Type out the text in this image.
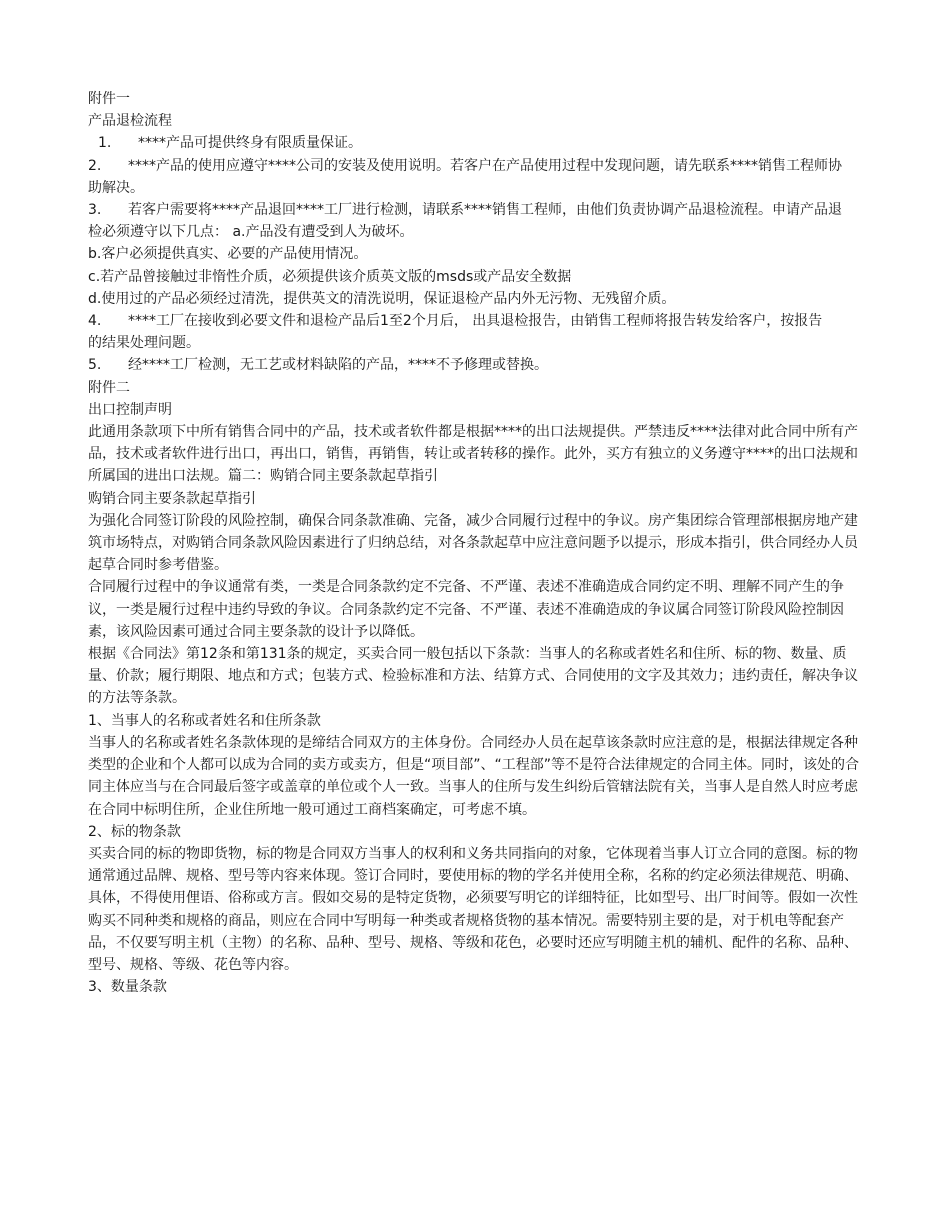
附件一
产品退检流程
1.	****产品可提供终身有限质量保证。
2.	****产品的使用应遵守****公司的安装及使用说明。若客户在产品使用过程中发现问题，请先联系****销售工程师协
助解决。
3.	若客户需要将****产品退回****工厂进行检测，请联系****销售工程师，由他们负责协调产品退检流程。申请产品退
检必须遵守以下几点： a.产品没有遭受到人为破坏。
b.客户必须提供真实、必要的产品使用情况。
c.若产品曾接触过非惰性介质，必须提供该介质英文版的msds或产品安全数据
d.使用过的产品必须经过清洗，提供英文的清洗说明，保证退检产品内外无污物、无残留介质。
4.	****工厂在接收到必要文件和退检产品后1至2个月后， 出具退检报告，由销售工程师将报告转发给客户，按报告
的结果处理问题。
5.	经****工厂检测，无工艺或材料缺陷的产品，****不予修理或替换。
附件二
出口控制声明
此通用条款项下中所有销售合同中的产品，技术或者软件都是根据****的出口法规提供。严禁违反****法律对此合同中所有产品，技术或者软件进行出口，再出口，销售，再销售，转让或者转移的操作。此外，买方有独立的义务遵守****的出口法规和所属国的进出口法规。篇二：购销合同主要条款起草指引
购销合同主要条款起草指引
为强化合同签订阶段的风险控制，确保合同条款准确、完备，减少合同履行过程中的争议。房产集团综合管理部根据房地产建筑市场特点，对购销合同条款风险因素进行了归纳总结，对各条款起草中应注意问题予以提示，形成本指引，供合同经办人员起草合同时参考借鉴。
合同履行过程中的争议通常有类，一类是合同条款约定不完备、不严谨、表述不准确造成合同约定不明、理解不同产生的争议，一类是履行过程中违约导致的争议。合同条款约定不完备、不严谨、表述不准确造成的争议属合同签订阶段风险控制因素，该风险因素可通过合同主要条款的设计予以降低。
根据《合同法》第12条和第131条的规定，买卖合同一般包括以下条款：当事人的名称或者姓名和住所、标的物、数量、质量、价款；履行期限、地点和方式；包装方式、检验标准和方法、结算方式、合同使用的文字及其效力；违约责任，解决争议的方法等条款。
1、当事人的名称或者姓名和住所条款
当事人的名称或者姓名条款体现的是缔结合同双方的主体身份。合同经办人员在起草该条款时应注意的是，根据法律规定各种类型的企业和个人都可以成为合同的卖方或卖方，但是“项目部”、“工程部”等不是符合法律规定的合同主体。同时，该处的合同主体应当与在合同最后签字或盖章的单位或个人一致。当事人的住所与发生纠纷后管辖法院有关，当事人是自然人时应考虑在合同中标明住所，企业住所地一般可通过工商档案确定，可考虑不填。
2、标的物条款
买卖合同的标的物即货物，标的物是合同双方当事人的权利和义务共同指向的对象，它体现着当事人订立合同的意图。标的物通常通过品牌、规格、型号等内容来体现。签订合同时，要使用标的物的学名并使用全称，名称的约定必须法律规范、明确、具体，不得使用俚语、俗称或方言。假如交易的是特定货物，必须要写明它的详细特征，比如型号、出厂时间等。假如一次性购买不同种类和规格的商品，则应在合同中写明每一种类或者规格货物的基本情况。需要特别主要的是，对于机电等配套产品，不仅要写明主机（主物）的名称、品种、型号、规格、等级和花色，必要时还应写明随主机的辅机、配件的名称、品种、型号、规格、等级、花色等内容。
3、数量条款
